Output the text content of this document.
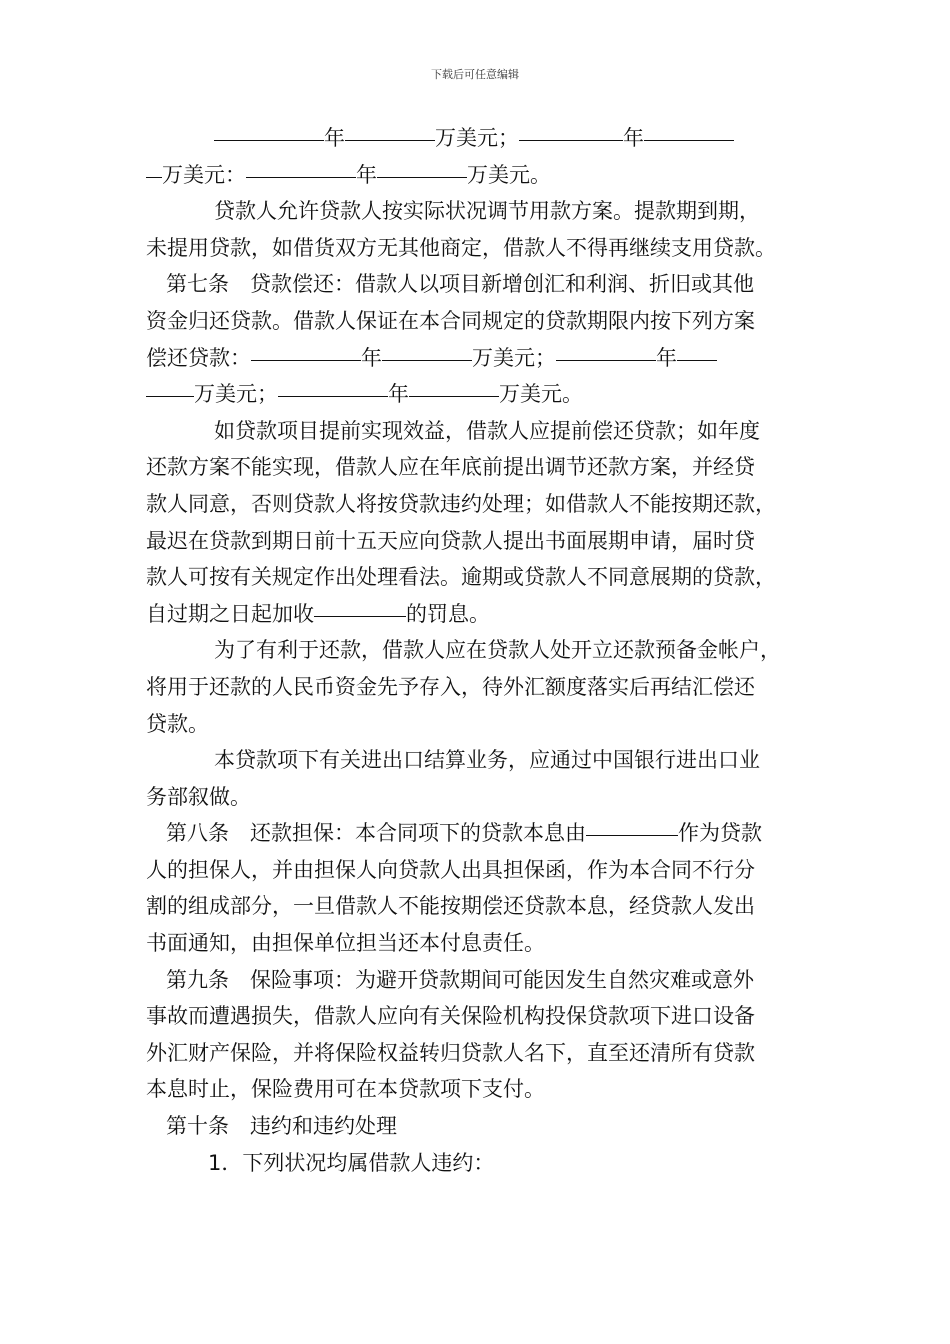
下载后可任意编辑

年	万美元；	年
万美元：	年	万美元。

贷款人允许贷款人按实际状况调节用款方案。提款期到期，
未提用贷款，如借货双方无其他商定，借款人不得再继续支用贷款。

第七条　贷款偿还：借款人以项目新增创汇和利润、折旧或其他
资金归还贷款。借款人保证在本合同规定的贷款期限内按下列方案
偿还贷款：	年	万美元；	年
万美元；	年	万美元。

如贷款项目提前实现效益，借款人应提前偿还贷款；如年度
还款方案不能实现，借款人应在年底前提出调节还款方案，并经贷
款人同意，否则贷款人将按贷款违约处理；如借款人不能按期还款，
最迟在贷款到期日前十五天应向贷款人提出书面展期申请，届时贷
款人可按有关规定作出处理看法。逾期或贷款人不同意展期的贷款，
自过期之日起加收	的罚息。

为了有利于还款，借款人应在贷款人处开立还款预备金帐户，
将用于还款的人民币资金先予存入，待外汇额度落实后再结汇偿还
贷款。

本贷款项下有关进出口结算业务，应通过中国银行进出口业
务部叙做。

第八条　还款担保：本合同项下的贷款本息由	作为贷款
人的担保人，并由担保人向贷款人出具担保函，作为本合同不行分
割的组成部分，一旦借款人不能按期偿还贷款本息，经贷款人发出
书面通知，由担保单位担当还本付息责任。

第九条　保险事项：为避开贷款期间可能因发生自然灾难或意外
事故而遭遇损失，借款人应向有关保险机构投保贷款项下进口设备
外汇财产保险，并将保险权益转归贷款人名下，直至还清所有贷款
本息时止，保险费用可在本贷款项下支付。

第十条　违约和违约处理
1．下列状况均属借款人违约：
